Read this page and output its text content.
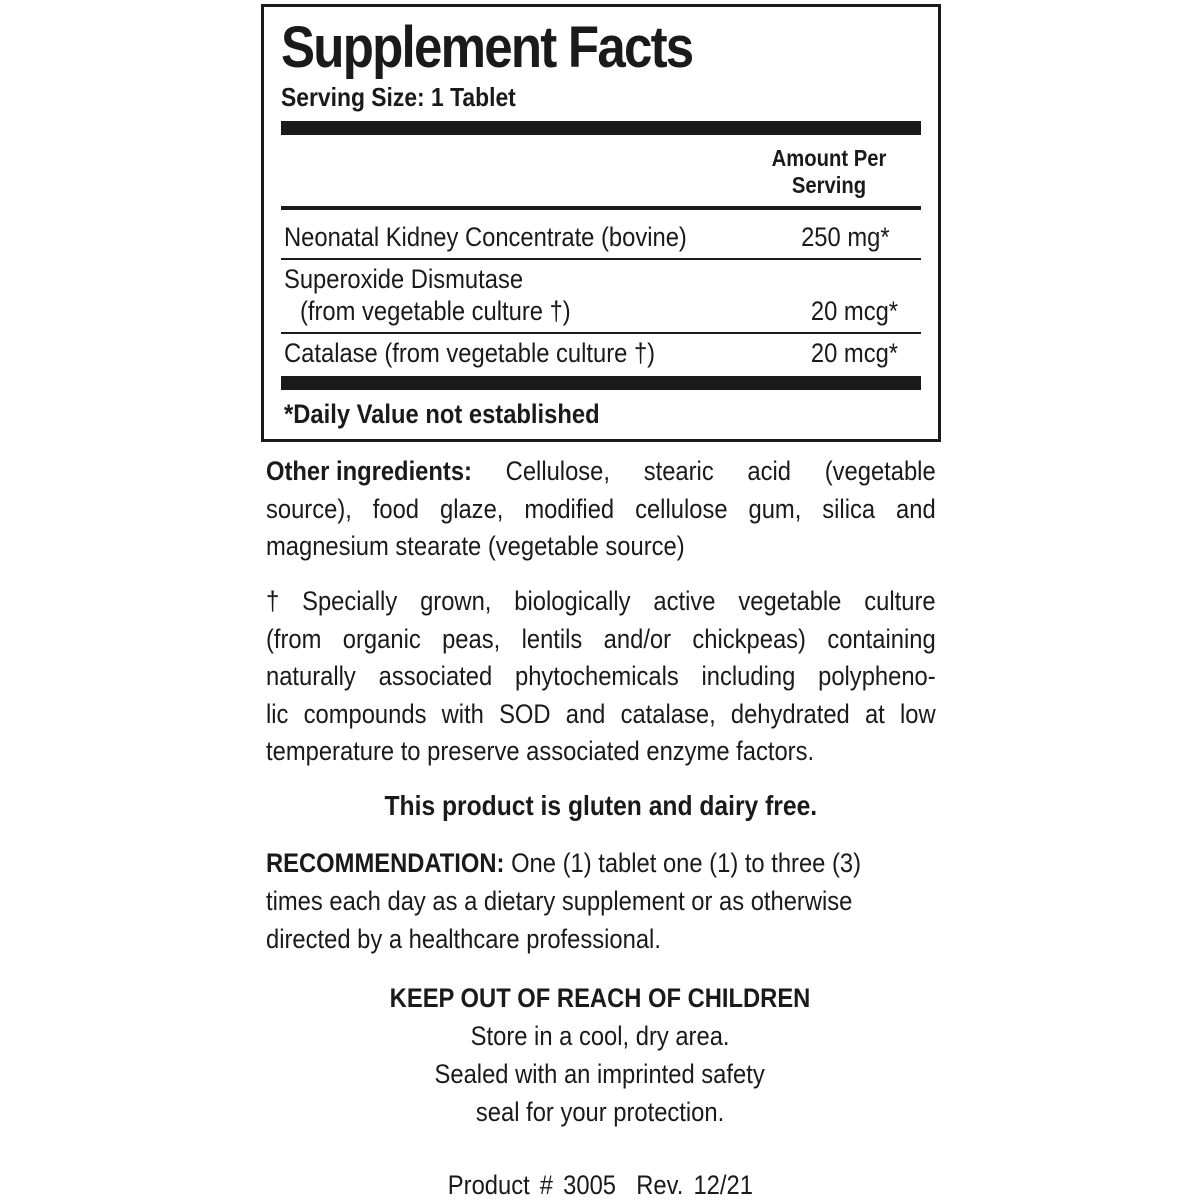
Supplement Facts
Serving Size: 1 Tablet
Amount Per
Serving
Neonatal Kidney Concentrate (bovine)	250 mg*
Superoxide Dismutase
(from vegetable culture †)	20 mcg*
Catalase (from vegetable culture †)	20 mcg*
*Daily Value not established
Other ingredients: Cellulose, stearic acid (vegetable
source), food glaze, modified cellulose gum, silica and
magnesium stearate (vegetable source)
† Specially grown, biologically active vegetable culture
(from organic peas, lentils and/or chickpeas) containing
naturally associated phytochemicals including polypheno-
lic compounds with SOD and catalase, dehydrated at low
temperature to preserve associated enzyme factors.
This product is gluten and dairy free.
RECOMMENDATION: One (1) tablet one (1) to three (3)
times each day as a dietary supplement or as otherwise
directed by a healthcare professional.
KEEP OUT OF REACH OF CHILDREN
Store in a cool, dry area.
Sealed with an imprinted safety
seal for your protection.
Product # 3005  Rev. 12/21
